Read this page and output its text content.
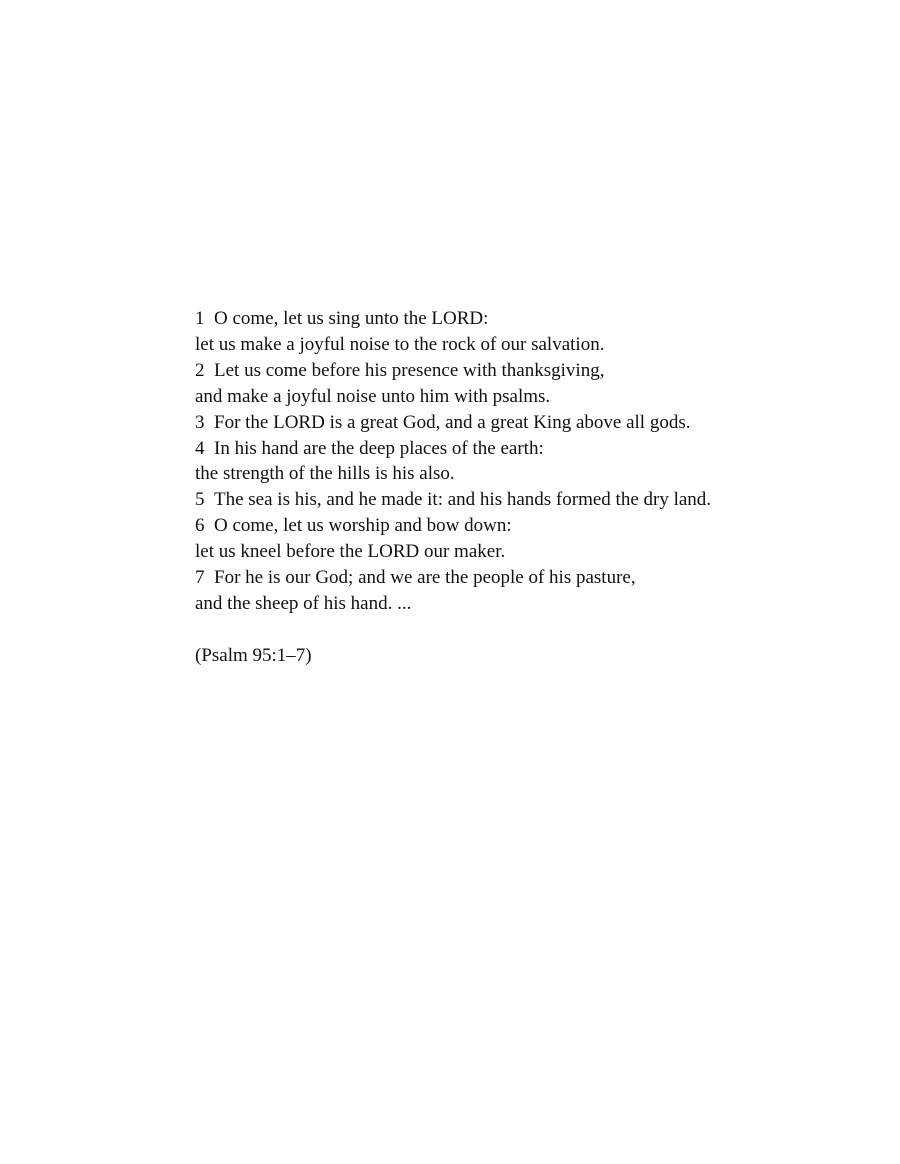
1 O come, let us sing unto the LORD:
let us make a joyful noise to the rock of our salvation.
2 Let us come before his presence with thanksgiving,
and make a joyful noise unto him with psalms.
3 For the LORD is a great God, and a great King above all gods.
4 In his hand are the deep places of the earth:
the strength of the hills is his also.
5 The sea is his, and he made it: and his hands formed the dry land.
6 O come, let us worship and bow down:
let us kneel before the LORD our maker.
7 For he is our God; and we are the people of his pasture,
and the sheep of his hand. ...
(Psalm 95:1–7)
